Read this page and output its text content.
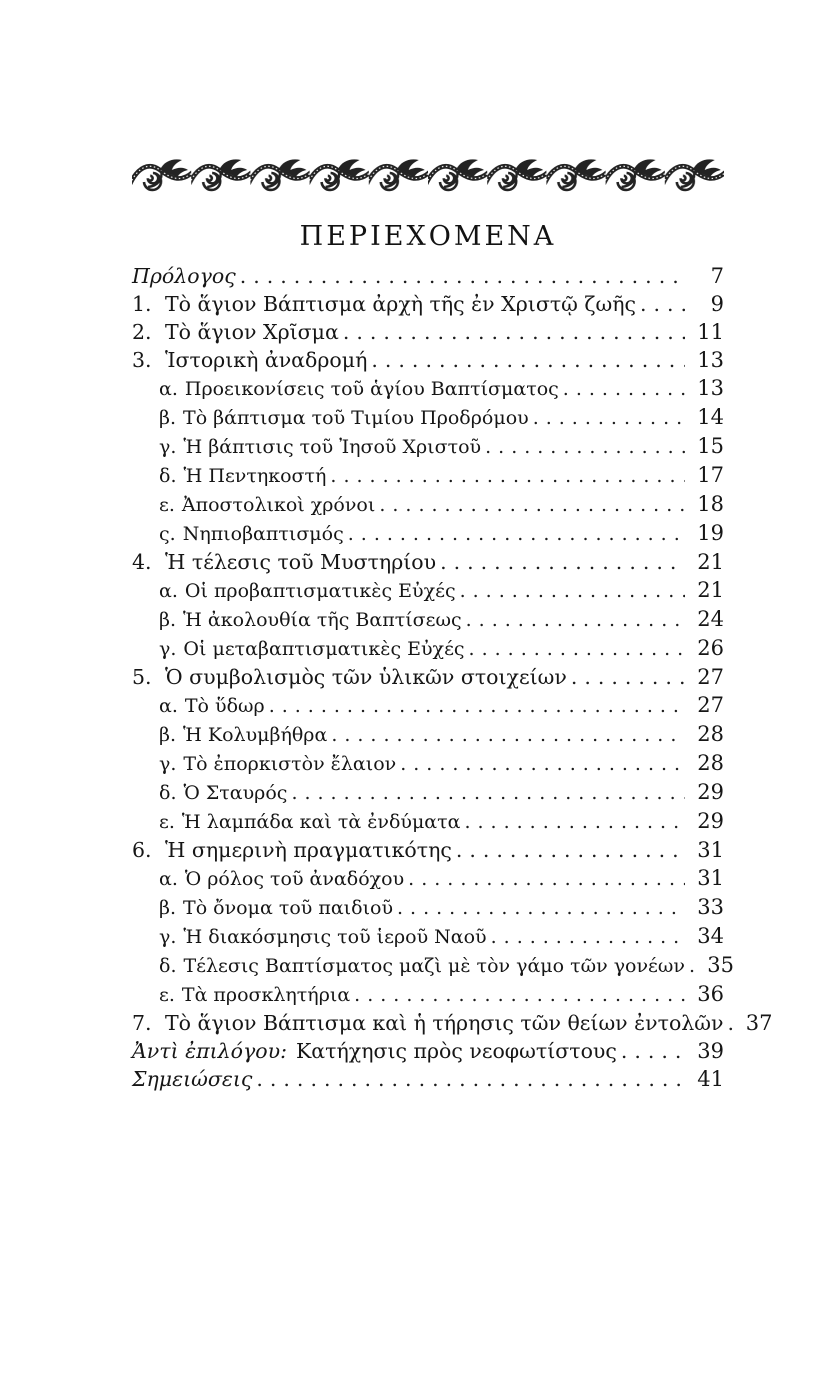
ΠΕΡΙΕΧΟΜΕΝΑ
Πρόλογος .....	7
1. Τὸ ἅγιον Βάπτισμα ἀρχὴ τῆς ἐν Χριστῷ ζωῆς .....	9
2. Τὸ ἅγιον Χρῖσμα .....	11
3. Ἱστορικὴ ἀναδρομή .....	13
α. Προεικονίσεις τοῦ ἁγίου Βαπτίσματος .....	13
β. Τὸ βάπτισμα τοῦ Τιμίου Προδρόμου .....	14
γ. Ἡ βάπτισις τοῦ Ἰησοῦ Χριστοῦ .....	15
δ. Ἡ Πεντηκοστή .....	17
ε. Ἀποστολικοὶ χρόνοι .....	18
ς. Νηπιοβαπτισμός .....	19
4. Ἡ τέλεσις τοῦ Μυστηρίου .....	21
α. Οἱ προβαπτισματικὲς Εὐχές .....	21
β. Ἡ ἀκολουθία τῆς Βαπτίσεως .....	24
γ. Οἱ μεταβαπτισματικὲς Εὐχές .....	26
5. Ὁ συμβολισμὸς τῶν ὑλικῶν στοιχείων .....	27
α. Τὸ ὕδωρ .....	27
β. Ἡ Κολυμβήθρα .....	28
γ. Τὸ ἐπορκιστὸν ἔλαιον .....	28
δ. Ὁ Σταυρός .....	29
ε. Ἡ λαμπάδα καὶ τὰ ἐνδύματα .....	29
6. Ἡ σημερινὴ πραγματικότης .....	31
α. Ὁ ρόλος τοῦ ἀναδόχου .....	31
β. Τὸ ὄνομα τοῦ παιδιοῦ .....	33
γ. Ἡ διακόσμησις τοῦ ἱεροῦ Ναοῦ .....	34
δ. Τέλεσις Βαπτίσματος μαζὶ μὲ τὸν γάμο τῶν γονέων .....	35
ε. Τὰ προσκλητήρια .....	36
7. Τὸ ἅγιον Βάπτισμα καὶ ἡ τήρησις τῶν θείων ἐντολῶν .....	37
Ἀντὶ ἐπιλόγου: Κατήχησις πρὸς νεοφωτίστους .....	39
Σημειώσεις .....	41
